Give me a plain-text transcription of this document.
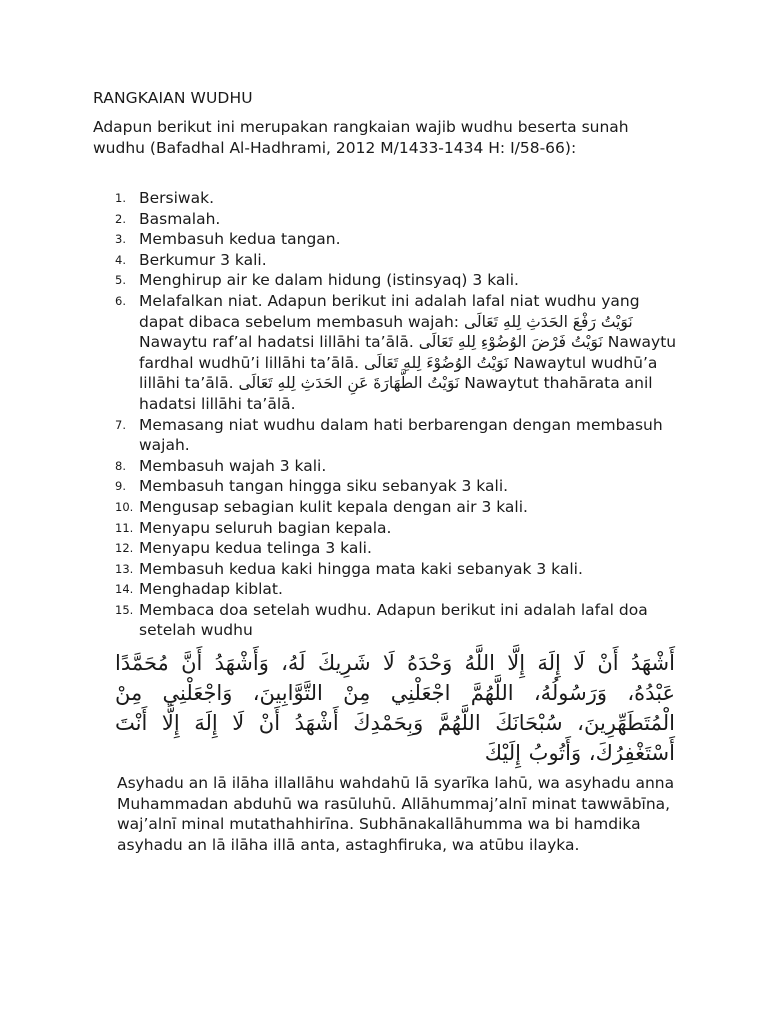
RANGKAIAN WUDHU
Adapun berikut ini merupakan rangkaian wajib wudhu beserta sunah wudhu (Bafadhal Al-Hadhrami, 2012 M/1433-1434 H: I/58-66):
1. Bersiwak.
2. Basmalah.
3. Membasuh kedua tangan.
4. Berkumur 3 kali.
5. Menghirup air ke dalam hidung (istinsyaq) 3 kali.
6. Melafalkan niat. Adapun berikut ini adalah lafal niat wudhu yang dapat dibaca sebelum membasuh wajah: نَوَيْتُ رَفْعَ الحَدَثِ لِلهِ تَعَالَى Nawaytu raf’al hadatsi lillāhi ta’ālā. نَوَيْتُ فَرْضَ الوُضُوْءِ لِلهِ تَعَالَى Nawaytu fardhal wudhū’i lillāhi ta’ālā. نَوَيْتُ الوُضُوْءَ لِلهِ تَعَالَى Nawaytul wudhū’a lillāhi ta’ālā. نَوَيْتُ الطَّهَارَةَ عَنِ الحَدَثِ لِلهِ تَعَالَى Nawaytut thahārata anil hadatsi lillāhi ta’ālā.
7. Memasang niat wudhu dalam hati berbarengan dengan membasuh wajah.
8. Membasuh wajah 3 kali.
9. Membasuh tangan hingga siku sebanyak 3 kali.
10. Mengusap sebagian kulit kepala dengan air 3 kali.
11. Menyapu seluruh bagian kepala.
12. Menyapu kedua telinga 3 kali.
13. Membasuh kedua kaki hingga mata kaki sebanyak 3 kali.
14. Menghadap kiblat.
15. Membaca doa setelah wudhu. Adapun berikut ini adalah lafal doa setelah wudhu
أَشْهَدُ أَنْ لَا إِلَهَ إِلَّا اللَّهُ وَحْدَهُ لَا شَرِيكَ لَهُ، وَأَشْهَدُ أَنَّ مُحَمَّدًا عَبْدُهُ، وَرَسُولُهُ، اللَّهُمَّ اجْعَلْنِي مِنْ التَّوَّابِينَ، وَاجْعَلْنِي مِنْ الْمُتَطَهِّرِينَ، سُبْحَانَكَ اللَّهُمَّ وَبِحَمْدِكَ أَشْهَدُ أَنْ لَا إِلَهَ إِلَّا أَنْتَ أَسْتَغْفِرُكَ، وَأَتُوبُ إِلَيْكَ
Asyhadu an lā ilāha illallāhu wahdahū lā syarīka lahū, wa asyhadu anna Muhammadan abduhū wa rasūluhū. Allāhummaj’alnī minat tawwābīna, waj’alnī minal mutathahhirīna. Subhānakallāhumma wa bi hamdika asyhadu an lā ilāha illā anta, astaghfiruka, wa atūbu ilayka.
